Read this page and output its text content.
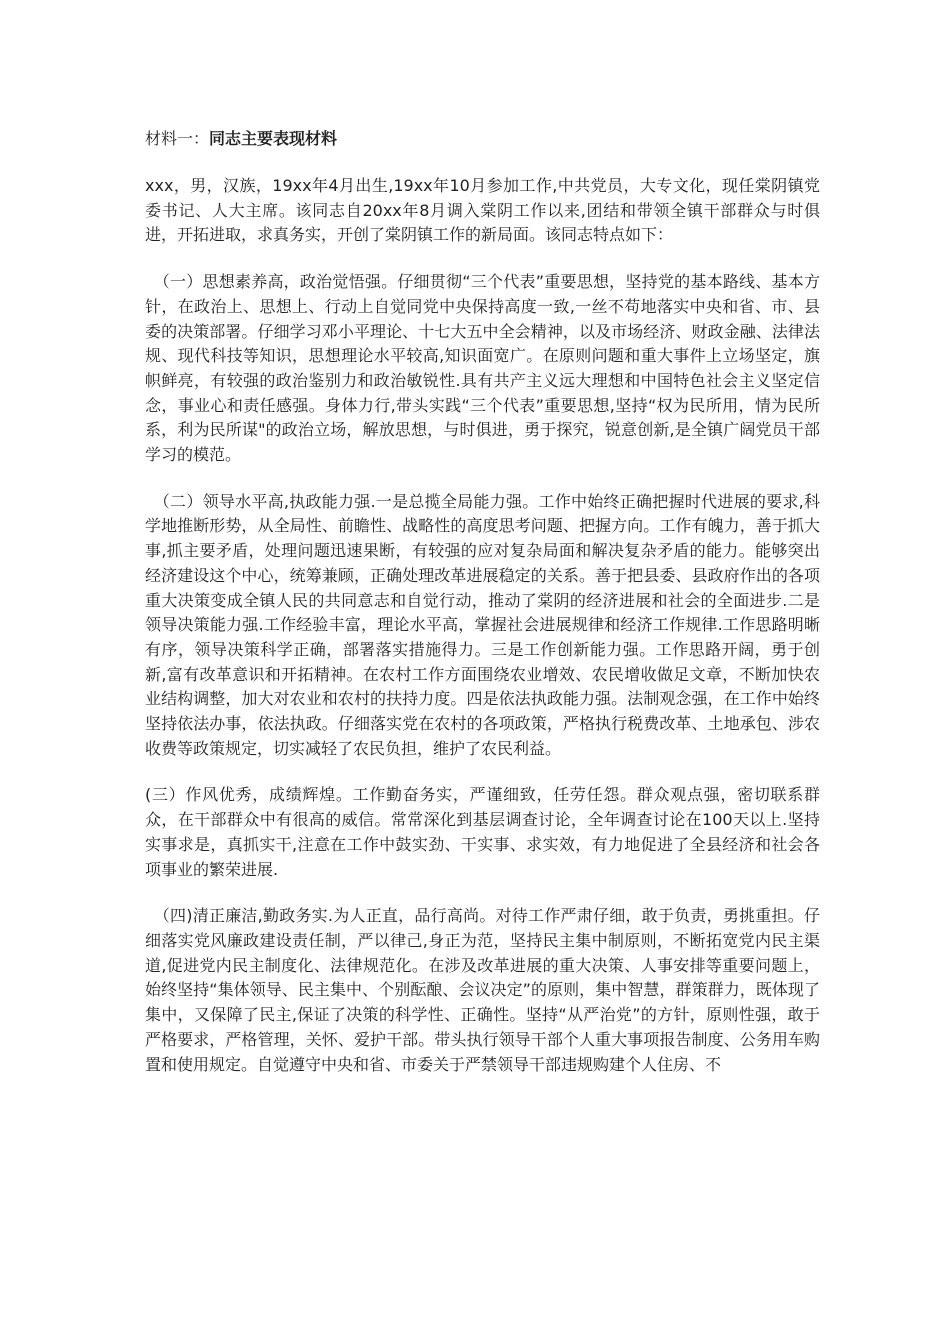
材料一：同志主要表现材料

xxx，男，汉族，19xx年4月出生,19xx年10月参加工作,中共党员，大专文化，现任棠阴镇党委书记、人大主席。该同志自20xx年8月调入棠阴工作以来,团结和带领全镇干部群众与时俱进，开拓进取，求真务实，开创了棠阴镇工作的新局面。该同志特点如下：

（一）思想素养高，政治觉悟强。仔细贯彻“三个代表”重要思想，坚持党的基本路线、基本方针，在政治上、思想上、行动上自觉同党中央保持高度一致,一丝不苟地落实中央和省、市、县委的决策部署。仔细学习邓小平理论、十七大五中全会精神，以及市场经济、财政金融、法律法规、现代科技等知识，思想理论水平较高,知识面宽广。在原则问题和重大事件上立场坚定，旗帜鲜亮，有较强的政治鉴别力和政治敏锐性.具有共产主义远大理想和中国特色社会主义坚定信念，事业心和责任感强。身体力行,带头实践“三个代表”重要思想,坚持“权为民所用，情为民所系，利为民所谋"的政治立场，解放思想，与时俱进，勇于探究，锐意创新,是全镇广阔党员干部学习的模范。

（二）领导水平高,执政能力强.一是总揽全局能力强。工作中始终正确把握时代进展的要求,科学地推断形势，从全局性、前瞻性、战略性的高度思考问题、把握方向。工作有魄力，善于抓大事,抓主要矛盾，处理问题迅速果断，有较强的应对复杂局面和解决复杂矛盾的能力。能够突出经济建设这个中心，统筹兼顾，正确处理改革进展稳定的关系。善于把县委、县政府作出的各项重大决策变成全镇人民的共同意志和自觉行动，推动了棠阴的经济进展和社会的全面进步.二是领导决策能力强.工作经验丰富，理论水平高，掌握社会进展规律和经济工作规律.工作思路明晰有序，领导决策科学正确，部署落实措施得力。三是工作创新能力强。工作思路开阔，勇于创新,富有改革意识和开拓精神。在农村工作方面围绕农业增效、农民增收做足文章，不断加快农业结构调整，加大对农业和农村的扶持力度。四是依法执政能力强。法制观念强，在工作中始终坚持依法办事，依法执政。仔细落实党在农村的各项政策，严格执行税费改革、土地承包、涉农收费等政策规定，切实减轻了农民负担，维护了农民利益。

(三）作风优秀，成绩辉煌。工作勤奋务实，严谨细致，任劳任怨。群众观点强，密切联系群众，在干部群众中有很高的威信。常常深化到基层调查讨论，全年调查讨论在100天以上.坚持实事求是，真抓实干,注意在工作中鼓实劲、干实事、求实效，有力地促进了全县经济和社会各项事业的繁荣进展.

（四)清正廉洁,勤政务实.为人正直，品行高尚。对待工作严肃仔细，敢于负责，勇挑重担。仔细落实党风廉政建设责任制，严以律己,身正为范，坚持民主集中制原则，不断拓宽党内民主渠道,促进党内民主制度化、法律规范化。在涉及改革进展的重大决策、人事安排等重要问题上，始终坚持“集体领导、民主集中、个别酝酿、会议决定”的原则，集中智慧，群策群力，既体现了集中，又保障了民主,保证了决策的科学性、正确性。坚持“从严治党”的方针，原则性强，敢于严格要求，严格管理，关怀、爱护干部。带头执行领导干部个人重大事项报告制度、公务用车购置和使用规定。自觉遵守中央和省、市委关于严禁领导干部违规购建个人住房、不
